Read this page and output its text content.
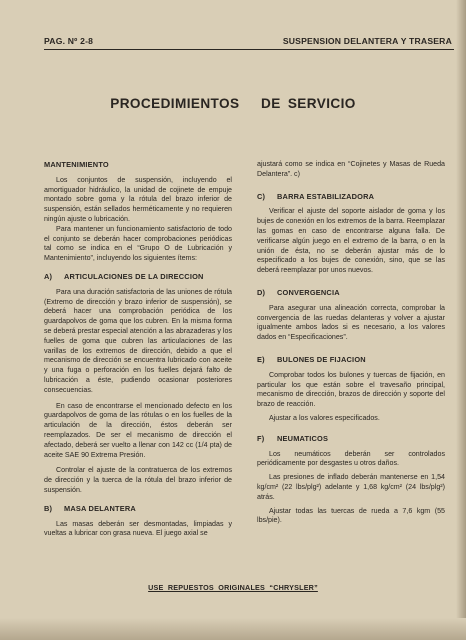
PAG. Nº 2-8	SUSPENSION DELANTERA Y TRASERA
PROCEDIMIENTOS   DE SERVICIO
MANTENIMIENTO

Los conjuntos de suspensión, incluyendo el amortiguador hidráulico, la unidad de cojinete de empuje montado sobre goma y la rótula del brazo inferior de suspensión, están sellados herméticamente y no requieren ningún ajuste o lubricación.

Para mantener un funcionamiento satisfactorio de todo el conjunto se deberán hacer comprobaciones periódicas tal como se indica en el “Grupo O de Lubricación y Mantenimiento”, incluyendo los siguientes ítems:

A) ARTICULACIONES DE LA DIRECCION

Para una duración satisfactoria de las uniones de rótula (Extremo de dirección y brazo inferior de suspensión), se deberá hacer una comprobación periódica de los guardapolvos de goma que los cubren. En la misma forma se deberá prestar especial atención a las abrazaderas y los fuelles de goma que cubren las articulaciones de las varillas de los extremos de dirección, debido a que el mecanismo de dirección se encuentra lubricado con aceite y una fuga o perforación en los fuelles dejará falto de lubricación a éste, pudiendo ocasionar posteriores consecuencias.

En caso de encontrarse el mencionado defecto en los guardapolvos de goma de las rótulas o en los fuelles de la articulación de la dirección, éstos deberán ser reemplazados. De ser el mecanismo de dirección el afectado, deberá ser vuelto a llenar con 142 cc (1/4 pta) de aceite SAE 90 Extrema Presión.

Controlar el ajuste de la contratuerca de los extremos de dirección y la tuerca de la rótula del brazo inferior de suspensión.

B) MASA DELANTERA

Las masas deberán ser desmontadas, limpiadas y vueltas a lubricar con grasa nueva. El juego axial se

ajustará como se indica en “Cojinetes y Masas de Rueda Delantera”. c)

C) BARRA ESTABILIZADORA

Verificar el ajuste del soporte aislador de goma y los bujes de conexión en los extremos de la barra. Reemplazar las gomas en caso de encontrarse alguna falla. De verificarse algún juego en el extremo de la barra, o en la unión de ésta, no se deberán ajustar más de lo especificado a los bujes de conexión, sino, que se las deberá reemplazar por unos nuevos.

D) CONVERGENCIA

Para asegurar una alineación correcta, comprobar la convergencia de las ruedas delanteras y volver a ajustar igualmente ambos lados si es necesario, a los valores dados en “Especificaciones”.

E) BULONES DE FIJACION

Comprobar todos los bulones y tuercas de fijación, en particular los que están sobre el travesaño principal, mecanismo de dirección, brazos de dirección y soporte del brazo de reacción.

Ajustar a los valores especificados.

F) NEUMATICOS

Los neumáticos deberán ser controlados periódicamente por desgastes u otros daños.

Las presiones de inflado deberán mantenerse en 1,54 kg/cm² (22 lbs/plg²) adelante y 1,68 kg/cm² (24 lbs/plg²) atrás.

Ajustar todas las tuercas de rueda a 7,6 kgm (55 lbs/pie).

USE  REPUESTOS  ORIGINALES  “CHRYSLER”
